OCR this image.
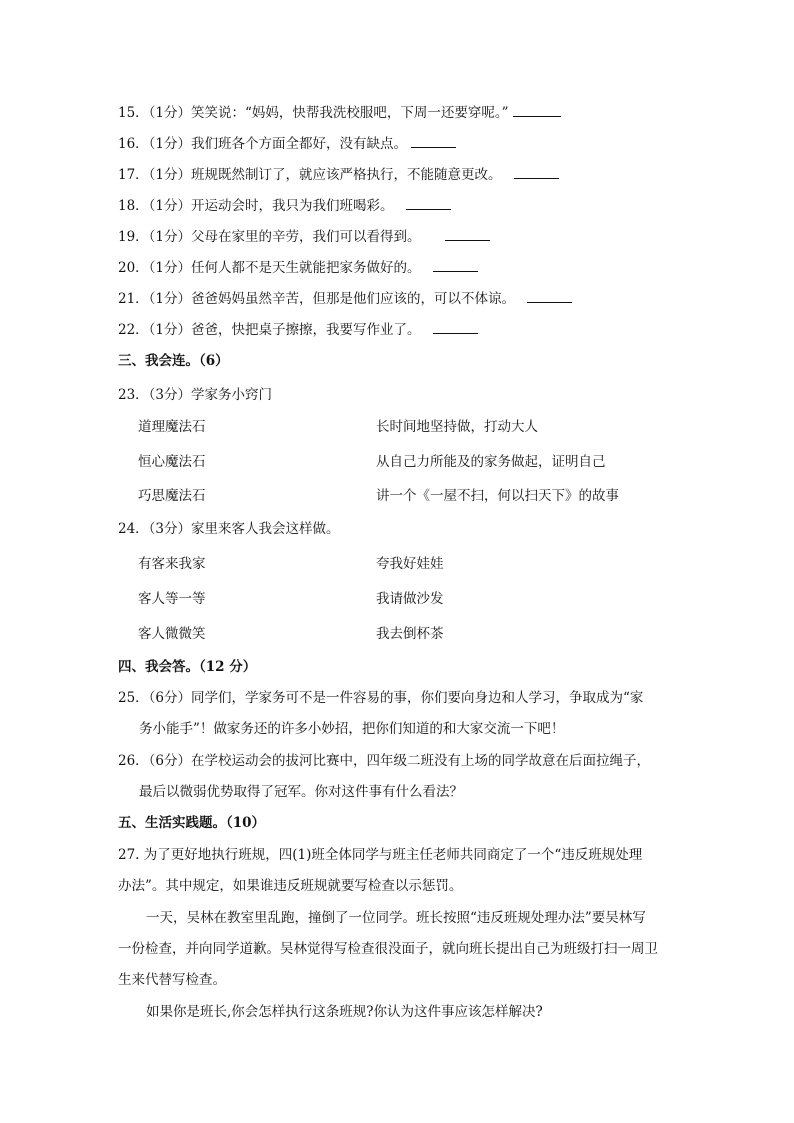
15．（1分）笑笑说：“妈妈，快帮我洗校服吧，下周一还要穿呢。”
16．（1分）我们班各个方面全都好，没有缺点。
17．（1分）班规既然制订了，就应该严格执行，不能随意更改。
18．（1分）开运动会时，我只为我们班喝彩。
19．（1分）父母在家里的辛劳，我们可以看得到。
20．（1分）任何人都不是天生就能把家务做好的。
21．（1分）爸爸妈妈虽然辛苦，但那是他们应该的，可以不体谅。
22．（1分）爸爸，快把桌子擦擦，我要写作业了。
三、我会连。（6）
23．（3分）学家务小窍门
道理魔法石	长时间地坚持做，打动大人
恒心魔法石	从自己力所能及的家务做起，证明自己
巧思魔法石	讲一个《一屋不扫，何以扫天下》的故事
24．（3分）家里来客人我会这样做。
有客来我家	夸我好娃娃
客人等一等	我请做沙发
客人微微笑	我去倒杯茶
四、我会答。（12 分）
25．（6分）同学们，学家务可不是一件容易的事，你们要向身边和人学习，争取成为“家
务小能手”！做家务还的许多小妙招，把你们知道的和大家交流一下吧！
26．（6分）在学校运动会的拔河比赛中，四年级二班没有上场的同学故意在后面拉绳子，
最后以微弱优势取得了冠军。你对这件事有什么看法？
五、生活实践题。（10）
27. 为了更好地执行班规，四(1)班全体同学与班主任老师共同商定了一个“违反班规处理
办法”。其中规定，如果谁违反班规就要写检查以示惩罚。
一天，吴林在教室里乱跑，撞倒了一位同学。班长按照“违反班规处理办法”要吴林写
一份检查，并向同学道歉。吴林觉得写检查很没面子，就向班长提出自己为班级打扫一周卫
生来代替写检查。
如果你是班长,你会怎样执行这条班规?你认为这件事应该怎样解决?
